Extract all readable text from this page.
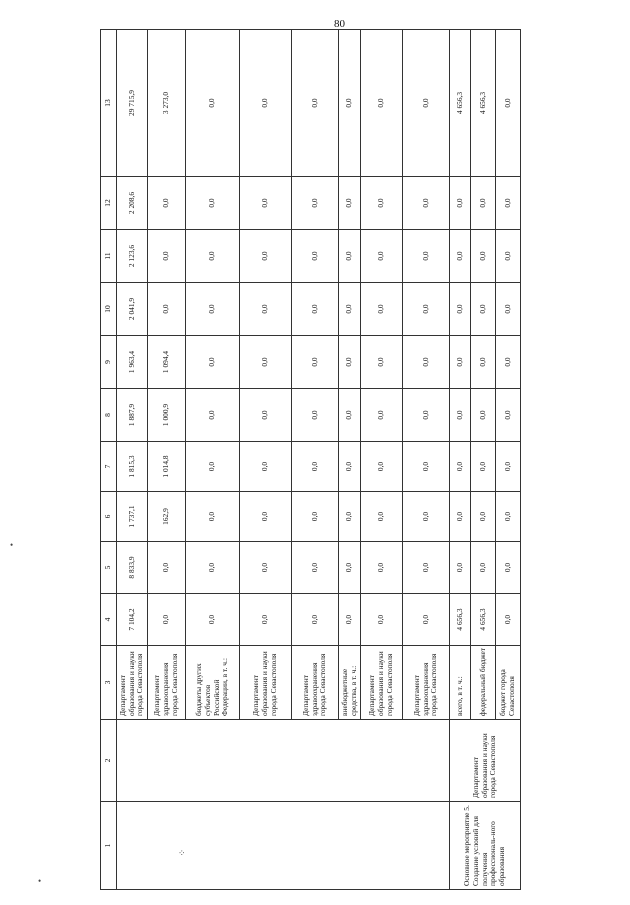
80
•
•
⁘
1	2	3	4	5	6	7	8	9	10	11	12	13
		Департамент образования и науки города Севастополя	7 104,2	8 833,9	1 737,1	1 815,3	1 887,9	1 963,4	2 041,9	2 123,6	2 208,6	29 715,9
		Департамент здравоохранения города Севастополя	0,0	0,0	162,9	1 014,8	1 000,9	1 094,4	0,0	0,0	0,0	3 273,0
		бюджеты других субъектов Российской Федерации, в т. ч.:	0,0	0,0	0,0	0,0	0,0	0,0	0,0	0,0	0,0	0,0
		Департамент образования и науки города Севастополя	0,0	0,0	0,0	0,0	0,0	0,0	0,0	0,0	0,0	0,0
		Департамент здравоохранения города Севастополя	0,0	0,0	0,0	0,0	0,0	0,0	0,0	0,0	0,0	0,0
		внебюджетные средства, в т. ч.:	0,0	0,0	0,0	0,0	0,0	0,0	0,0	0,0	0,0	0,0
		Департамент образования и науки города Севастополя	0,0	0,0	0,0	0,0	0,0	0,0	0,0	0,0	0,0	0,0
		Департамент здравоохранения города Севастополя	0,0	0,0	0,0	0,0	0,0	0,0	0,0	0,0	0,0	0,0
Основное мероприятие 5. Создание условий для получения профессиональ-ного образования	Департамент образования и науки города Севастополя	всего, в т. ч.:	4 656,3	0,0	0,0	0,0	0,0	0,0	0,0	0,0	0,0	4 656,3
		федеральный бюджет	4 656,3	0,0	0,0	0,0	0,0	0,0	0,0	0,0	0,0	4 656,3
		бюджет города Севастополя	0,0	0,0	0,0	0,0	0,0	0,0	0,0	0,0	0,0	0,0
